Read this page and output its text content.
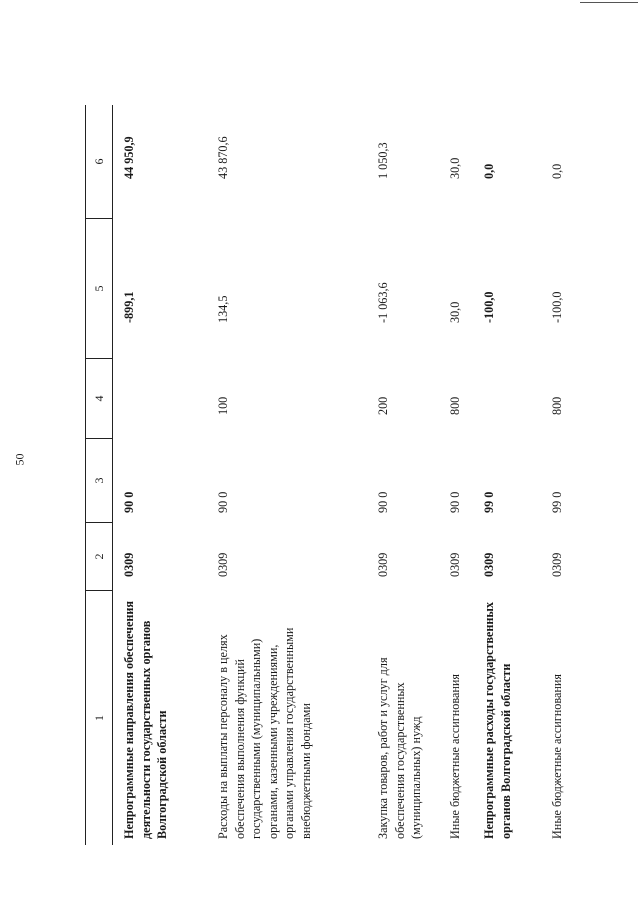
50
1
2
3
4
5
6
Непрограммные направления обеспечения деятельности государственных органов Волгоградской области
0309
90 0
-899,1
44 950,9
Расходы на выплаты персоналу в целях обеспечения выполнения функций государственными (муниципальными) органами, казенными учреждениями, органами управления государственными внебюджетными фондами
0309
90 0
100
134,5
43 870,6
Закупка товаров, работ и услуг для обеспечения государственных (муниципальных) нужд
0309
90 0
200
-1 063,6
1 050,3
Иные бюджетные ассигнования
0309
90 0
800
30,0
30,0
Непрограммные расходы государственных органов Волгоградской области
0309
99 0
-100,0
0,0
Иные бюджетные ассигнования
0309
99 0
800
-100,0
0,0
